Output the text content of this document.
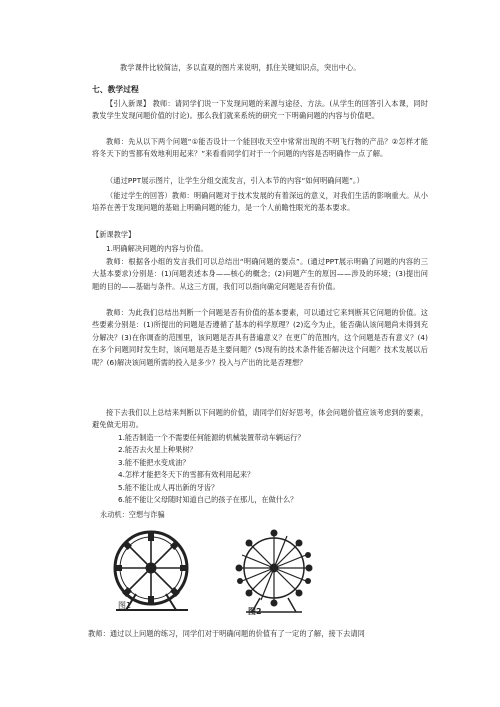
教学课件比较简洁，多以直观的图片来说明，抓住关键知识点，突出中心。
七、教学过程
【引入新课】 教师：请同学们说一下发现问题的来源与途径、方法。(从学生的回答引入本课，同时教发学生发现问题价值的讨论)。那么我们就来系统的研究一下明确问题的内容与价值吧。
教师：先从以下两个问题“①能否设计一个能回收天空中常常出现的不明飞行物的产品？②怎样才能将冬天下的雪都有效地利用起来？”来看看同学们对于一个问题的内容是否明确作一点了解。
（通过PPT展示图片，让学生分组交流发言，引入本节的内容“如何明确问题”。）
（能过学生的回答）教师：明确问题对于技术发展的有着深远的意义，对我们生活的影响重大。从小培养在善于发现问题的基础上明确问题的能力，是一个人前瞻性眼光的基本要求。
【新课教学】
1.明确解决问题的内容与价值。
教师：根据各小组的发言我们可以总结出“明确问题的要点”。(通过PPT展示明确了问题的内容的三大基本要求)分别是：(1)问题表述本身——核心的概念；(2)问题产生的原因——涉及的环境；(3)提出问题的目的——基础与条件。从这三方面，我们可以指向确定问题是否有价值。
教师：为此我们总结出判断一个问题是否有价值的基本要素，可以通过它来判断其它问题的价值。这些要素分别是：(1)所提出的问题是否遵循了基本的科学原理？(2)迄今为止，能否确认该问题尚未得到充分解决？(3)在你调查的范围里，该问题是否具有普遍意义？在更广的范围内，这个问题是否有意义？(4)在多个问题同时发生时，该问题是否是主要问题？(5)现有的技术条件能否解决这个问题？技术发展以后呢？(6)解决该问题所需的投入是多少？投入与产出的比是否理想？
接下去我们以上总结来判断以下问题的价值，请同学们好好思考，体会问题价值应该考虑到的要素，避免做无用功。
1.能否制造一个不需要任何能源的机械装置带动车辆运行？
2.能否去火星上种果树？
3.能不能把水变成油？
4.怎样才能把冬天下的雪都有效利用起来？
5.能不能让成人再出新的牙齿？
6.能不能让父母随时知道自己的孩子在那儿，在做什么？
永动机：空想与诈骗
图1
图2
教师：通过以上问题的练习，同学们对于明确问题的价值有了一定的了解，接下去请同
